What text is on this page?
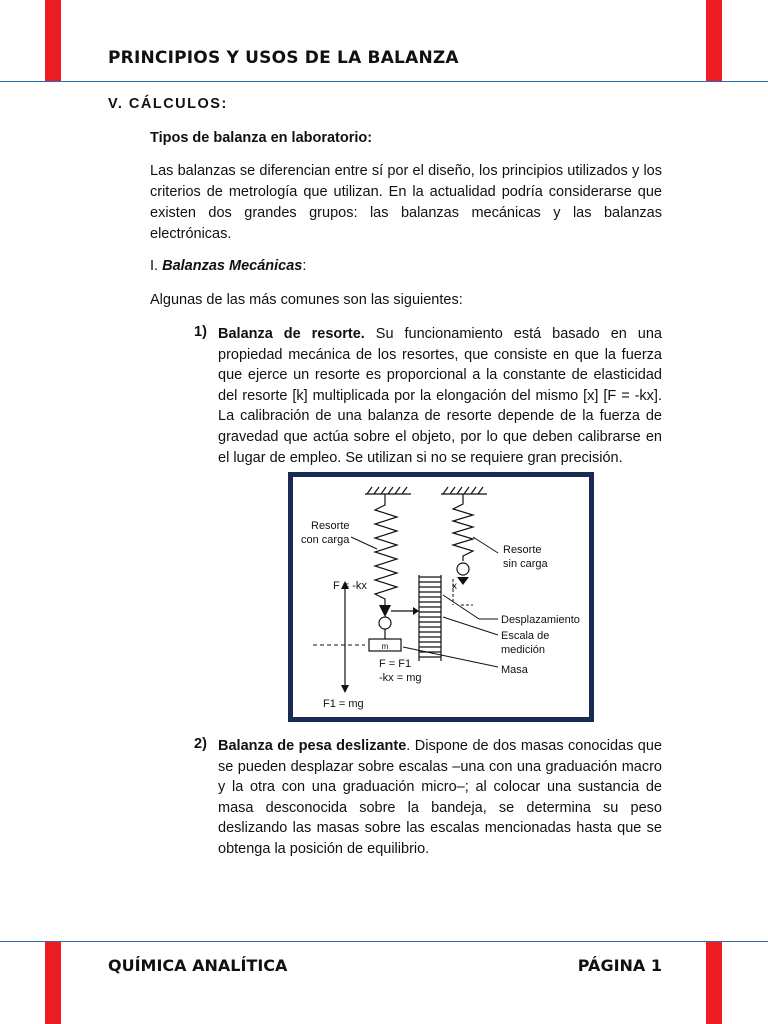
PRINCIPIOS Y USOS DE LA BALANZA
V. CÁLCULOS:
Tipos de balanza en laboratorio:
Las balanzas se diferencian entre sí por el diseño, los principios utilizados y los criterios de metrología que utilizan. En la actualidad podría considerarse que existen dos grandes grupos: las balanzas mecánicas y las balanzas electrónicas.
I. Balanzas Mecánicas:
Algunas de las más comunes son las siguientes:
1) Balanza de resorte. Su funcionamiento está basado en una propiedad mecánica de los resortes, que consiste en que la fuerza que ejerce un resorte es proporcional a la constante de elasticidad del resorte [k] multiplicada por la elongación del mismo [x] [F = -kx]. La calibración de una balanza de resorte depende de la fuerza de gravedad que actúa sobre el objeto, por lo que deben calibrarse en el lugar de empleo. Se utilizan si no se requiere gran precisión.
m
x
Resorte
con carga
Resorte
sin carga
F = -kx
Desplazamiento
Escala de
medición
Masa
F = F1
-kx = mg
F1 = mg
2) Balanza de pesa deslizante. Dispone de dos masas conocidas que se pueden desplazar sobre escalas –una con una graduación macro y la otra con una graduación micro–; al colocar una sustancia de masa desconocida sobre la bandeja, se determina su peso deslizando las masas sobre las escalas mencionadas hasta que se obtenga la posición de equilibrio.
QUÍMICA ANALÍTICA	PÁGINA 1
